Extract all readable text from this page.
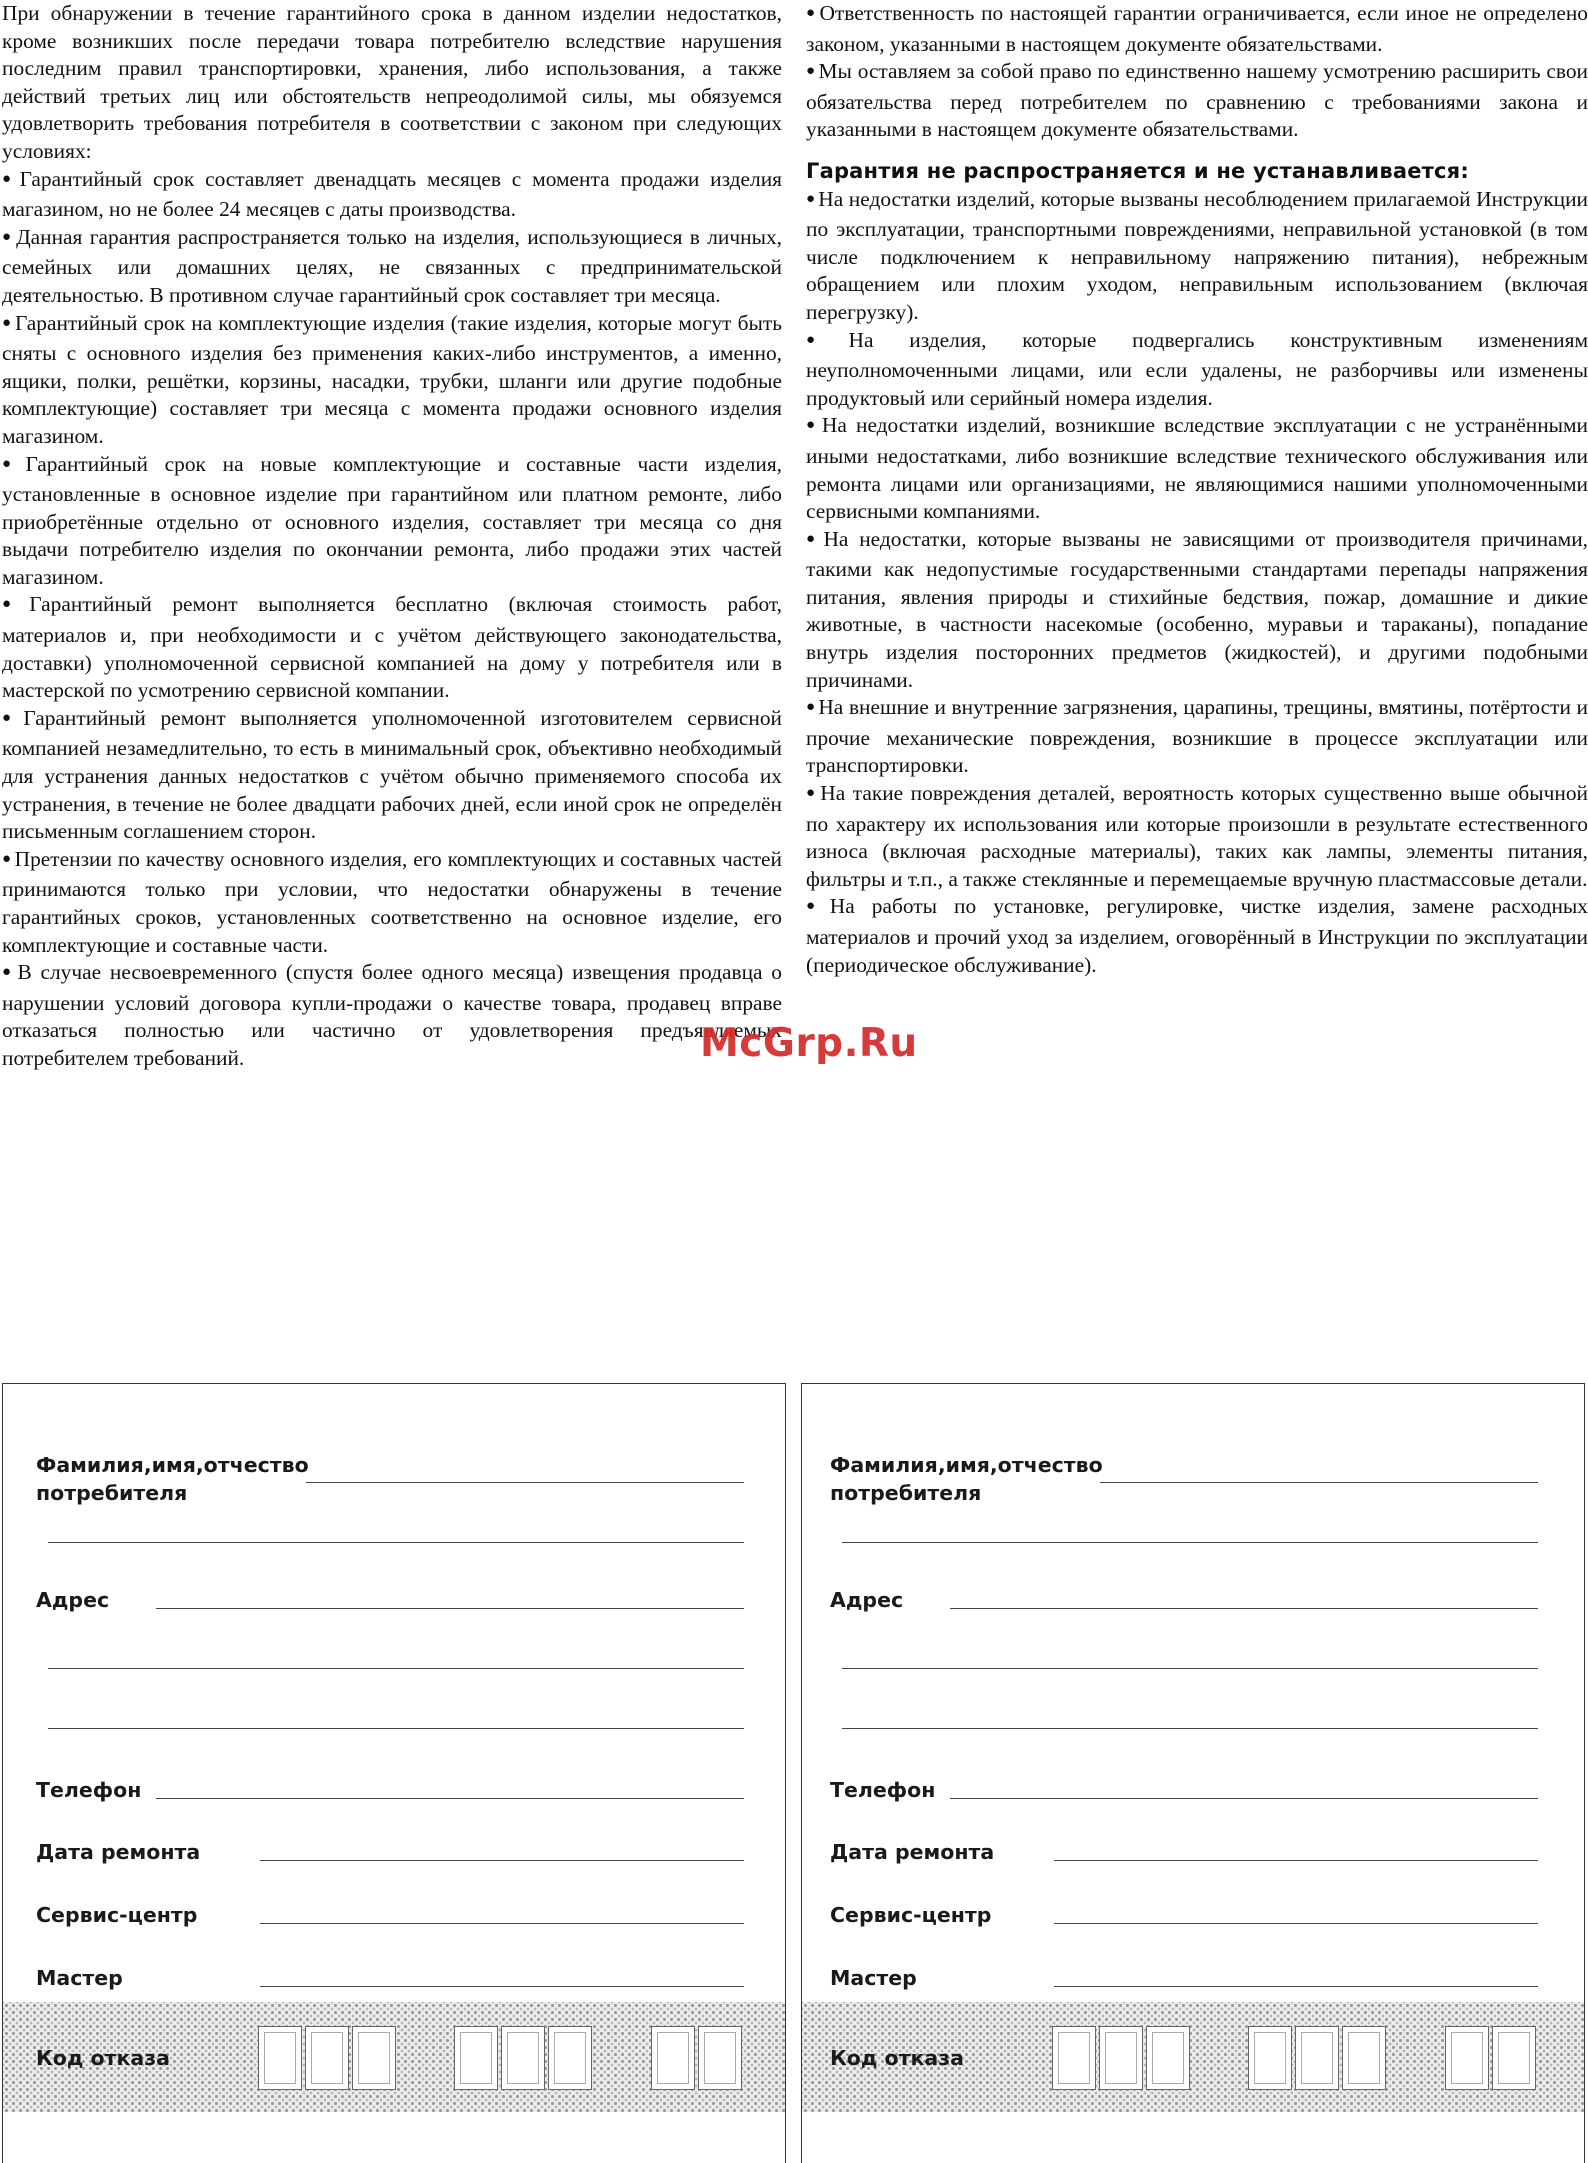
При обнаружении в течение гарантийного срока в данном изделии недостатков, кроме возникших после передачи товара потребителю вследствие нарушения последним правил транспортировки, хранения, либо использования, а также действий третьих лиц или обстоятельств непреодолимой силы, мы обязуемся удовлетворить требования потребителя в соответствии с законом при следующих условиях:

● Гарантийный срок составляет двенадцать месяцев с момента продажи изделия магазином, но не более 24 месяцев с даты производства.

● Данная гарантия распространяется только на изделия, использующиеся в личных, семейных или домашних целях, не связанных с предпринимательской деятельностью. В противном случае гарантийный срок составляет три месяца.

● Гарантийный срок на комплектующие изделия (такие изделия, которые могут быть сняты с основного изделия без применения каких-либо инструментов, а именно, ящики, полки, решётки, корзины, насадки, трубки, шланги или другие подобные комплектующие) составляет три месяца с момента продажи основного изделия магазином.

● Гарантийный срок на новые комплектующие и составные части изделия, установленные в основное изделие при гарантийном или платном ремонте, либо приобретённые отдельно от основного изделия, составляет три месяца со дня выдачи потребителю изделия по окончании ремонта, либо продажи этих частей магазином.

● Гарантийный ремонт выполняется бесплатно (включая стоимость работ, материалов и, при необходимости и с учётом действующего законодательства, доставки) уполномоченной сервисной компанией на дому у потребителя или в мастерской по усмотрению сервисной компании.

● Гарантийный ремонт выполняется уполномоченной изготовителем сервисной компанией незамедлительно, то есть в минимальный срок, объективно необходимый для устранения данных недостатков с учётом обычно применяемого способа их устранения, в течение не более двадцати рабочих дней, если иной срок не определён письменным соглашением сторон.

● Претензии по качеству основного изделия, его комплектующих и составных частей принимаются только при условии, что недостатки обнаружены в течение гарантийных сроков, установленных соответственно на основное изделие, его комплектующие и составные части.

● В случае несвоевременного (спустя более одного месяца) извещения продавца о нарушении условий договора купли-продажи о качестве товара, продавец вправе отказаться полностью или частично от удовлетворения предъявляемых потребителем требований.

● Ответственность по настоящей гарантии ограничивается, если иное не определено законом, указанными в настоящем документе обязательствами.

● Мы оставляем за собой право по единственно нашему усмотрению расширить свои обязательства перед потребителем по сравнению с требованиями закона и указанными в настоящем документе обязательствами.

Гарантия не распространяется и не устанавливается:

● На недостатки изделий, которые вызваны несоблюдением прилагаемой Инструкции по эксплуатации, транспортными повреждениями, неправильной установкой (в том числе подключением к неправильному напряжению питания), небрежным обращением или плохим уходом, неправильным использованием (включая перегрузку).

● На изделия, которые подвергались конструктивным изменениям неуполномоченными лицами, или если удалены, не разборчивы или изменены продуктовый или серийный номера изделия.

● На недостатки изделий, возникшие вследствие эксплуатации с не устранёнными иными недостатками, либо возникшие вследствие технического обслуживания или ремонта лицами или организациями, не являющимися нашими уполномоченными сервисными компаниями.

● На недостатки, которые вызваны не зависящими от производителя причинами, такими как недопустимые государственными стандартами перепады напряжения питания, явления природы и стихийные бедствия, пожар, домашние и дикие животные, в частности насекомые (особенно, муравьи и тараканы), попадание внутрь изделия посторонних предметов (жидкостей), и другими подобными причинами.

● На внешние и внутренние загрязнения, царапины, трещины, вмятины, потёртости и прочие механические повреждения, возникшие в процессе эксплуатации или транспортировки.

● На такие повреждения деталей, вероятность которых существенно выше обычной по характеру их использования или которые произошли в результате естественного износа (включая расходные материалы), таких как лампы, элементы питания, фильтры и т.п., а также стеклянные и перемещаемые вручную пластмассовые детали.

● На работы по установке, регулировке, чистке изделия, замене расходных материалов и прочий уход за изделием, оговорённый в Инструкции по эксплуатации (периодическое обслуживание).

McGrp.Ru
Фамилия,имя,отчество
потребителя
Адрес
Телефон
Дата ремонта
Сервис-центр
Мастер
Код отказа
Фамилия,имя,отчество
потребителя
Адрес
Телефон
Дата ремонта
Сервис-центр
Мастер
Код отказа
